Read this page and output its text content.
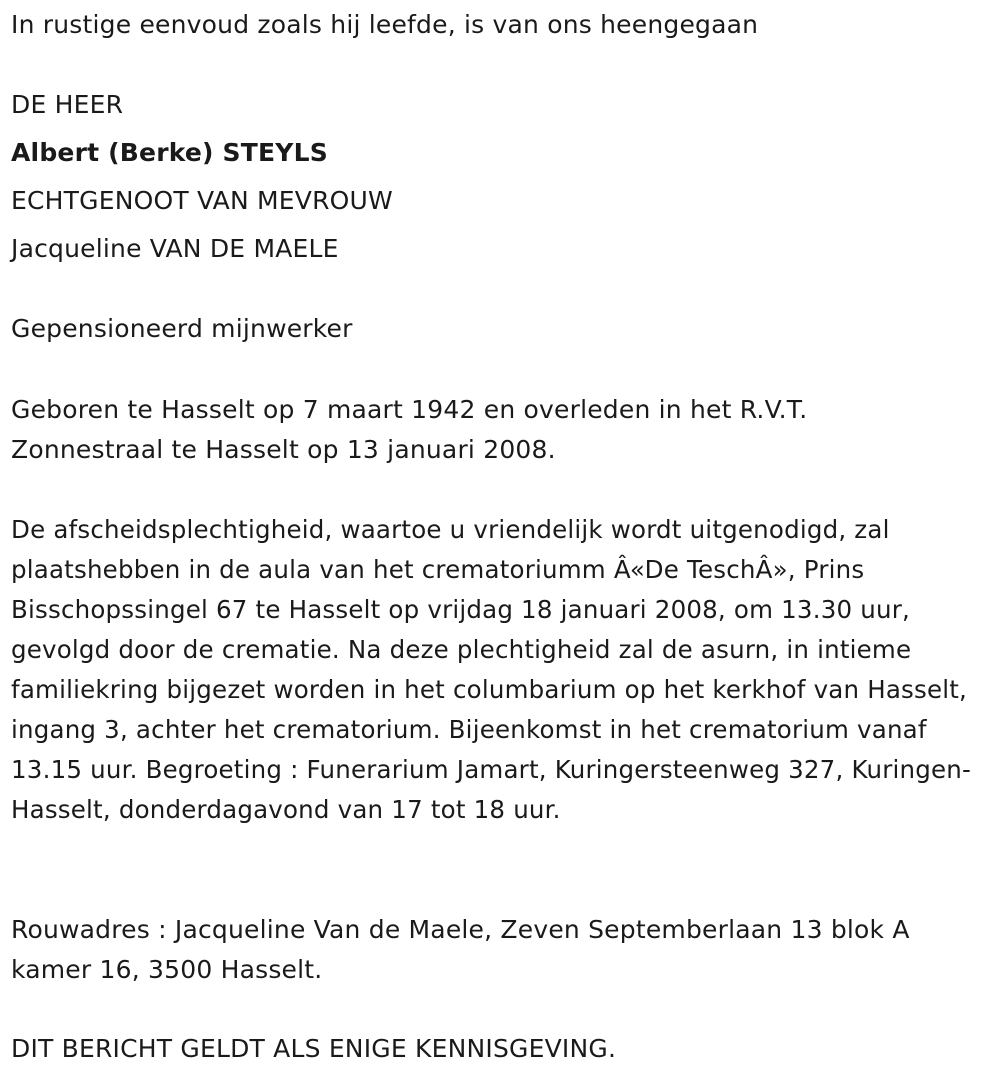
In rustige eenvoud zoals hij leefde, is van ons heengegaan
DE HEER
Albert (Berke) STEYLS
ECHTGENOOT VAN MEVROUW
Jacqueline VAN DE MAELE
Gepensioneerd mijnwerker
Geboren te Hasselt op 7 maart 1942 en overleden in het R.V.T. Zonnestraal te Hasselt op 13 januari 2008.
De afscheidsplechtigheid, waartoe u vriendelijk wordt uitgenodigd, zal plaatshebben in de aula van het crematoriumm Â«De TeschÂ», Prins Bisschopssingel 67 te Hasselt op vrijdag 18 januari 2008, om 13.30 uur, gevolgd door de crematie. Na deze plechtigheid zal de asurn, in intieme familiekring bijgezet worden in het columbarium op het kerkhof van Hasselt, ingang 3, achter het crematorium. Bijeenkomst in het crematorium vanaf 13.15 uur. Begroeting : Funerarium Jamart, Kuringersteenweg 327, Kuringen-Hasselt, donderdagavond van 17 tot 18 uur.
Rouwadres : Jacqueline Van de Maele, Zeven Septemberlaan 13 blok A kamer 16, 3500 Hasselt.
DIT BERICHT GELDT ALS ENIGE KENNISGEVING.
